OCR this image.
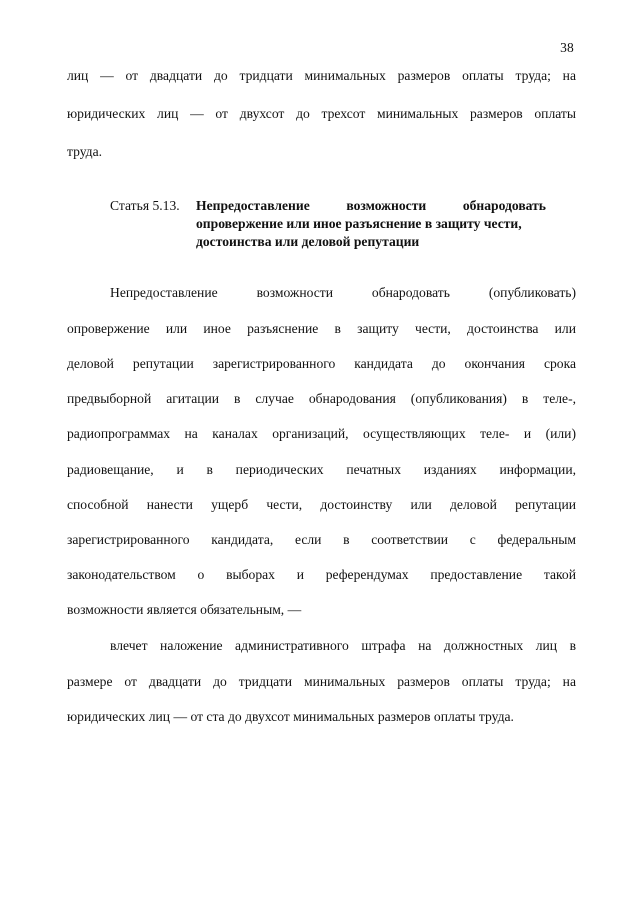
38
лиц — от двадцати до тридцати минимальных размеров оплаты труда; на
юридических лиц — от двухсот до трехсот минимальных размеров оплаты
труда.
Статья 5.13. Непредоставление возможности обнародовать
опровержение или иное разъяснение в защиту чести,
достоинства или деловой репутации
Непредоставление возможности обнародовать (опубликовать)
опровержение или иное разъяснение в защиту чести, достоинства или
деловой репутации зарегистрированного кандидата до окончания срока
предвыборной агитации в случае обнародования (опубликования) в теле-,
радиопрограммах на каналах организаций, осуществляющих теле- и (или)
радиовещание, и в периодических печатных изданиях информации,
способной нанести ущерб чести, достоинству или деловой репутации
зарегистрированного кандидата, если в соответствии с федеральным
законодательством о выборах и референдумах предоставление такой
возможности является обязательным, —
влечет наложение административного штрафа на должностных лиц в
размере от двадцати до тридцати минимальных размеров оплаты труда; на
юридических лиц — от ста до двухсот минимальных размеров оплаты труда.
